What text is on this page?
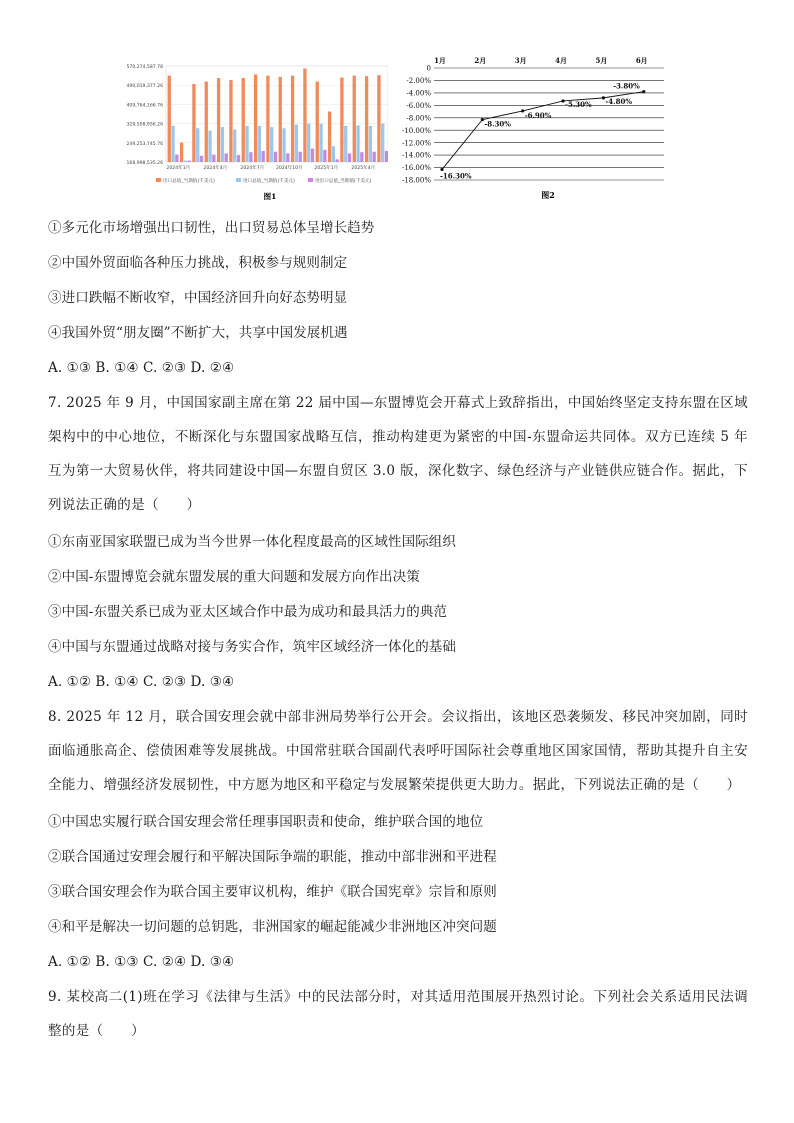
570,274,587.78
490,019,377.26
409,764,166.76
329,508,956.26
249,253,745.76
168,998,535.26
2024年1月	2024年4月	2024年7月	2024年10月	2025年1月	2025年4月
出口总值_当期值(千美元)	进口总值_当期值(千美元)	进出口总值_当期值(千美元)
图1
0
-2.00%
-4.00%
-6.00%
-8.00%
-10.00%
-12.00%
-14.00%
-16.00%
-18.00%
1月	2月	3月	4月	5月	6月
-16.30%
-8.30%
-6.90%
-5.30% -4.80%
-3.80%
图2
①多元化市场增强出口韧性，出口贸易总体呈增长趋势
②中国外贸面临各种压力挑战，积极参与规则制定
③进口跌幅不断收窄，中国经济回升向好态势明显
④我国外贸“朋友圈”不断扩大，共享中国发展机遇
A. ①③ B. ①④ C. ②③ D. ②④
7. 2025 年 9 月，中国国家副主席在第 22 届中国—东盟博览会开幕式上致辞指出，中国始终坚定支持东盟在区域架构中的中心地位，不断深化与东盟国家战略互信，推动构建更为紧密的中国-东盟命运共同体。双方已连续 5 年互为第一大贸易伙伴，将共同建设中国—东盟自贸区 3.0 版，深化数字、绿色经济与产业链供应链合作。据此，下列说法正确的是（　　）
①东南亚国家联盟已成为当今世界一体化程度最高的区域性国际组织
②中国-东盟博览会就东盟发展的重大问题和发展方向作出决策
③中国-东盟关系已成为亚太区域合作中最为成功和最具活力的典范
④中国与东盟通过战略对接与务实合作，筑牢区域经济一体化的基础
A. ①② B. ①④ C. ②③ D. ③④
8. 2025 年 12 月，联合国安理会就中部非洲局势举行公开会。会议指出，该地区恐袭频发、移民冲突加剧，同时面临通胀高企、偿债困难等发展挑战。中国常驻联合国副代表呼吁国际社会尊重地区国家国情，帮助其提升自主安全能力、增强经济发展韧性，中方愿为地区和平稳定与发展繁荣提供更大助力。据此，下列说法正确的是（　　）
①中国忠实履行联合国安理会常任理事国职责和使命，维护联合国的地位
②联合国通过安理会履行和平解决国际争端的职能，推动中部非洲和平进程
③联合国安理会作为联合国主要审议机构，维护《联合国宪章》宗旨和原则
④和平是解决一切问题的总钥匙，非洲国家的崛起能减少非洲地区冲突问题
A. ①② B. ①③ C. ②④ D. ③④
9. 某校高二(1)班在学习《法律与生活》中的民法部分时，对其适用范围展开热烈讨论。下列社会关系适用民法调整的是（　　）
